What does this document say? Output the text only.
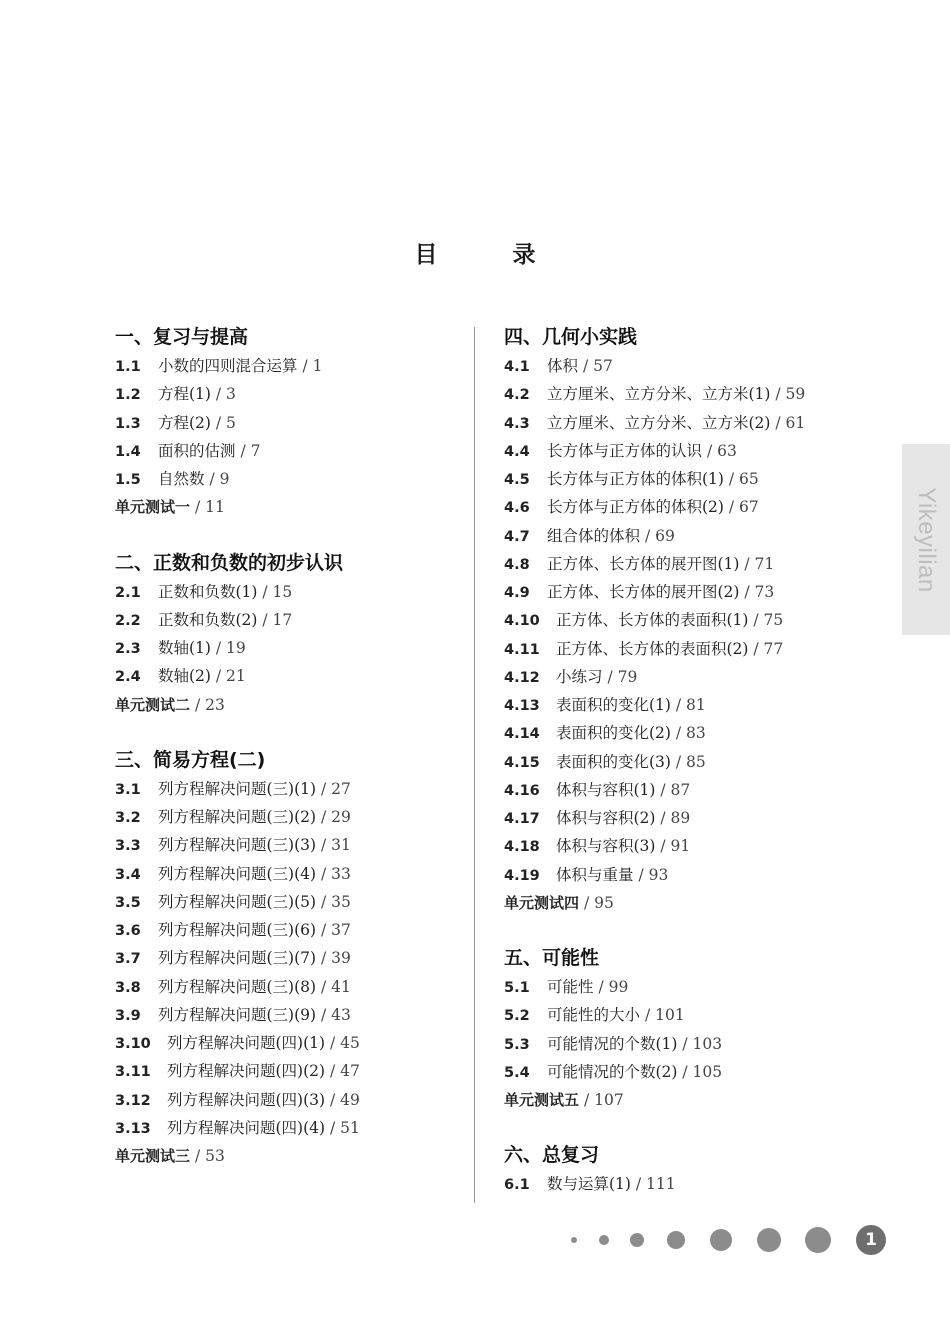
目　录
一、复习与提高
1.1 小数的四则混合运算 / 1
1.2 方程(1) / 3
1.3 方程(2) / 5
1.4 面积的估测 / 7
1.5 自然数 / 9
单元测试一 / 11
二、正数和负数的初步认识
2.1 正数和负数(1) / 15
2.2 正数和负数(2) / 17
2.3 数轴(1) / 19
2.4 数轴(2) / 21
单元测试二 / 23
三、简易方程(二)
3.1 列方程解决问题(三)(1) / 27
3.2 列方程解决问题(三)(2) / 29
3.3 列方程解决问题(三)(3) / 31
3.4 列方程解决问题(三)(4) / 33
3.5 列方程解决问题(三)(5) / 35
3.6 列方程解决问题(三)(6) / 37
3.7 列方程解决问题(三)(7) / 39
3.8 列方程解决问题(三)(8) / 41
3.9 列方程解决问题(三)(9) / 43
3.10 列方程解决问题(四)(1) / 45
3.11 列方程解决问题(四)(2) / 47
3.12 列方程解决问题(四)(3) / 49
3.13 列方程解决问题(四)(4) / 51
单元测试三 / 53
四、几何小实践
4.1 体积 / 57
4.2 立方厘米、立方分米、立方米(1) / 59
4.3 立方厘米、立方分米、立方米(2) / 61
4.4 长方体与正方体的认识 / 63
4.5 长方体与正方体的体积(1) / 65
4.6 长方体与正方体的体积(2) / 67
4.7 组合体的体积 / 69
4.8 正方体、长方体的展开图(1) / 71
4.9 正方体、长方体的展开图(2) / 73
4.10 正方体、长方体的表面积(1) / 75
4.11 正方体、长方体的表面积(2) / 77
4.12 小练习 / 79
4.13 表面积的变化(1) / 81
4.14 表面积的变化(2) / 83
4.15 表面积的变化(3) / 85
4.16 体积与容积(1) / 87
4.17 体积与容积(2) / 89
4.18 体积与容积(3) / 91
4.19 体积与重量 / 93
单元测试四 / 95
五、可能性
5.1 可能性 / 99
5.2 可能性的大小 / 101
5.3 可能情况的个数(1) / 103
5.4 可能情况的个数(2) / 105
单元测试五 / 107
六、总复习
6.1 数与运算(1) / 111
Yikeyilian
1
